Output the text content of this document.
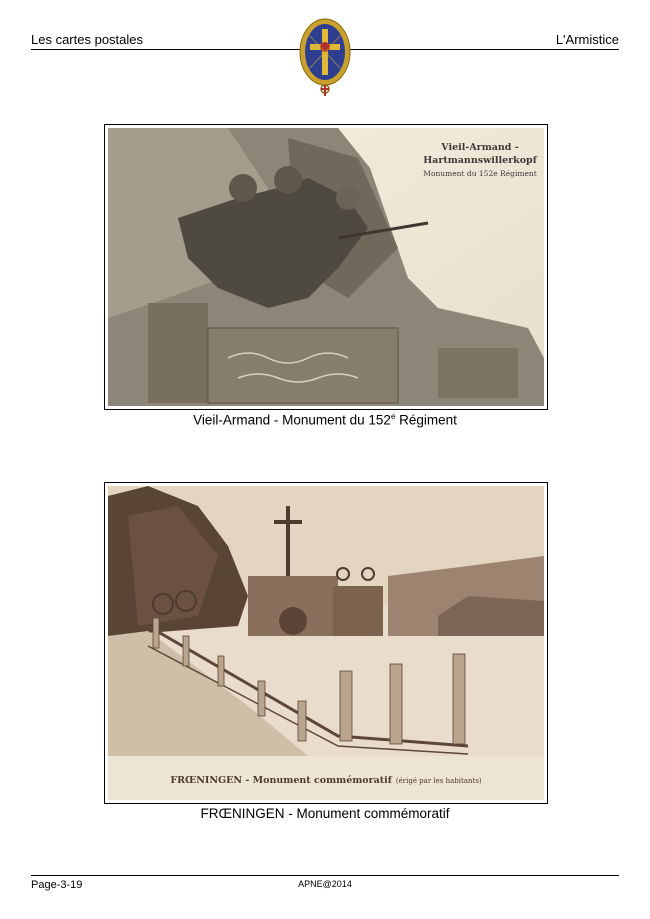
Les cartes postales	L'Armistice
Vieil-Armand -
Hartmannswillerkopf
Monument du 152e Régiment
Vieil-Armand - Monument du 152e Régiment
FRŒNINGEN - Monument commémoratif (érigé par les habitants)
FRŒNINGEN - Monument commémoratif
Page-3-19	APNE@2014
